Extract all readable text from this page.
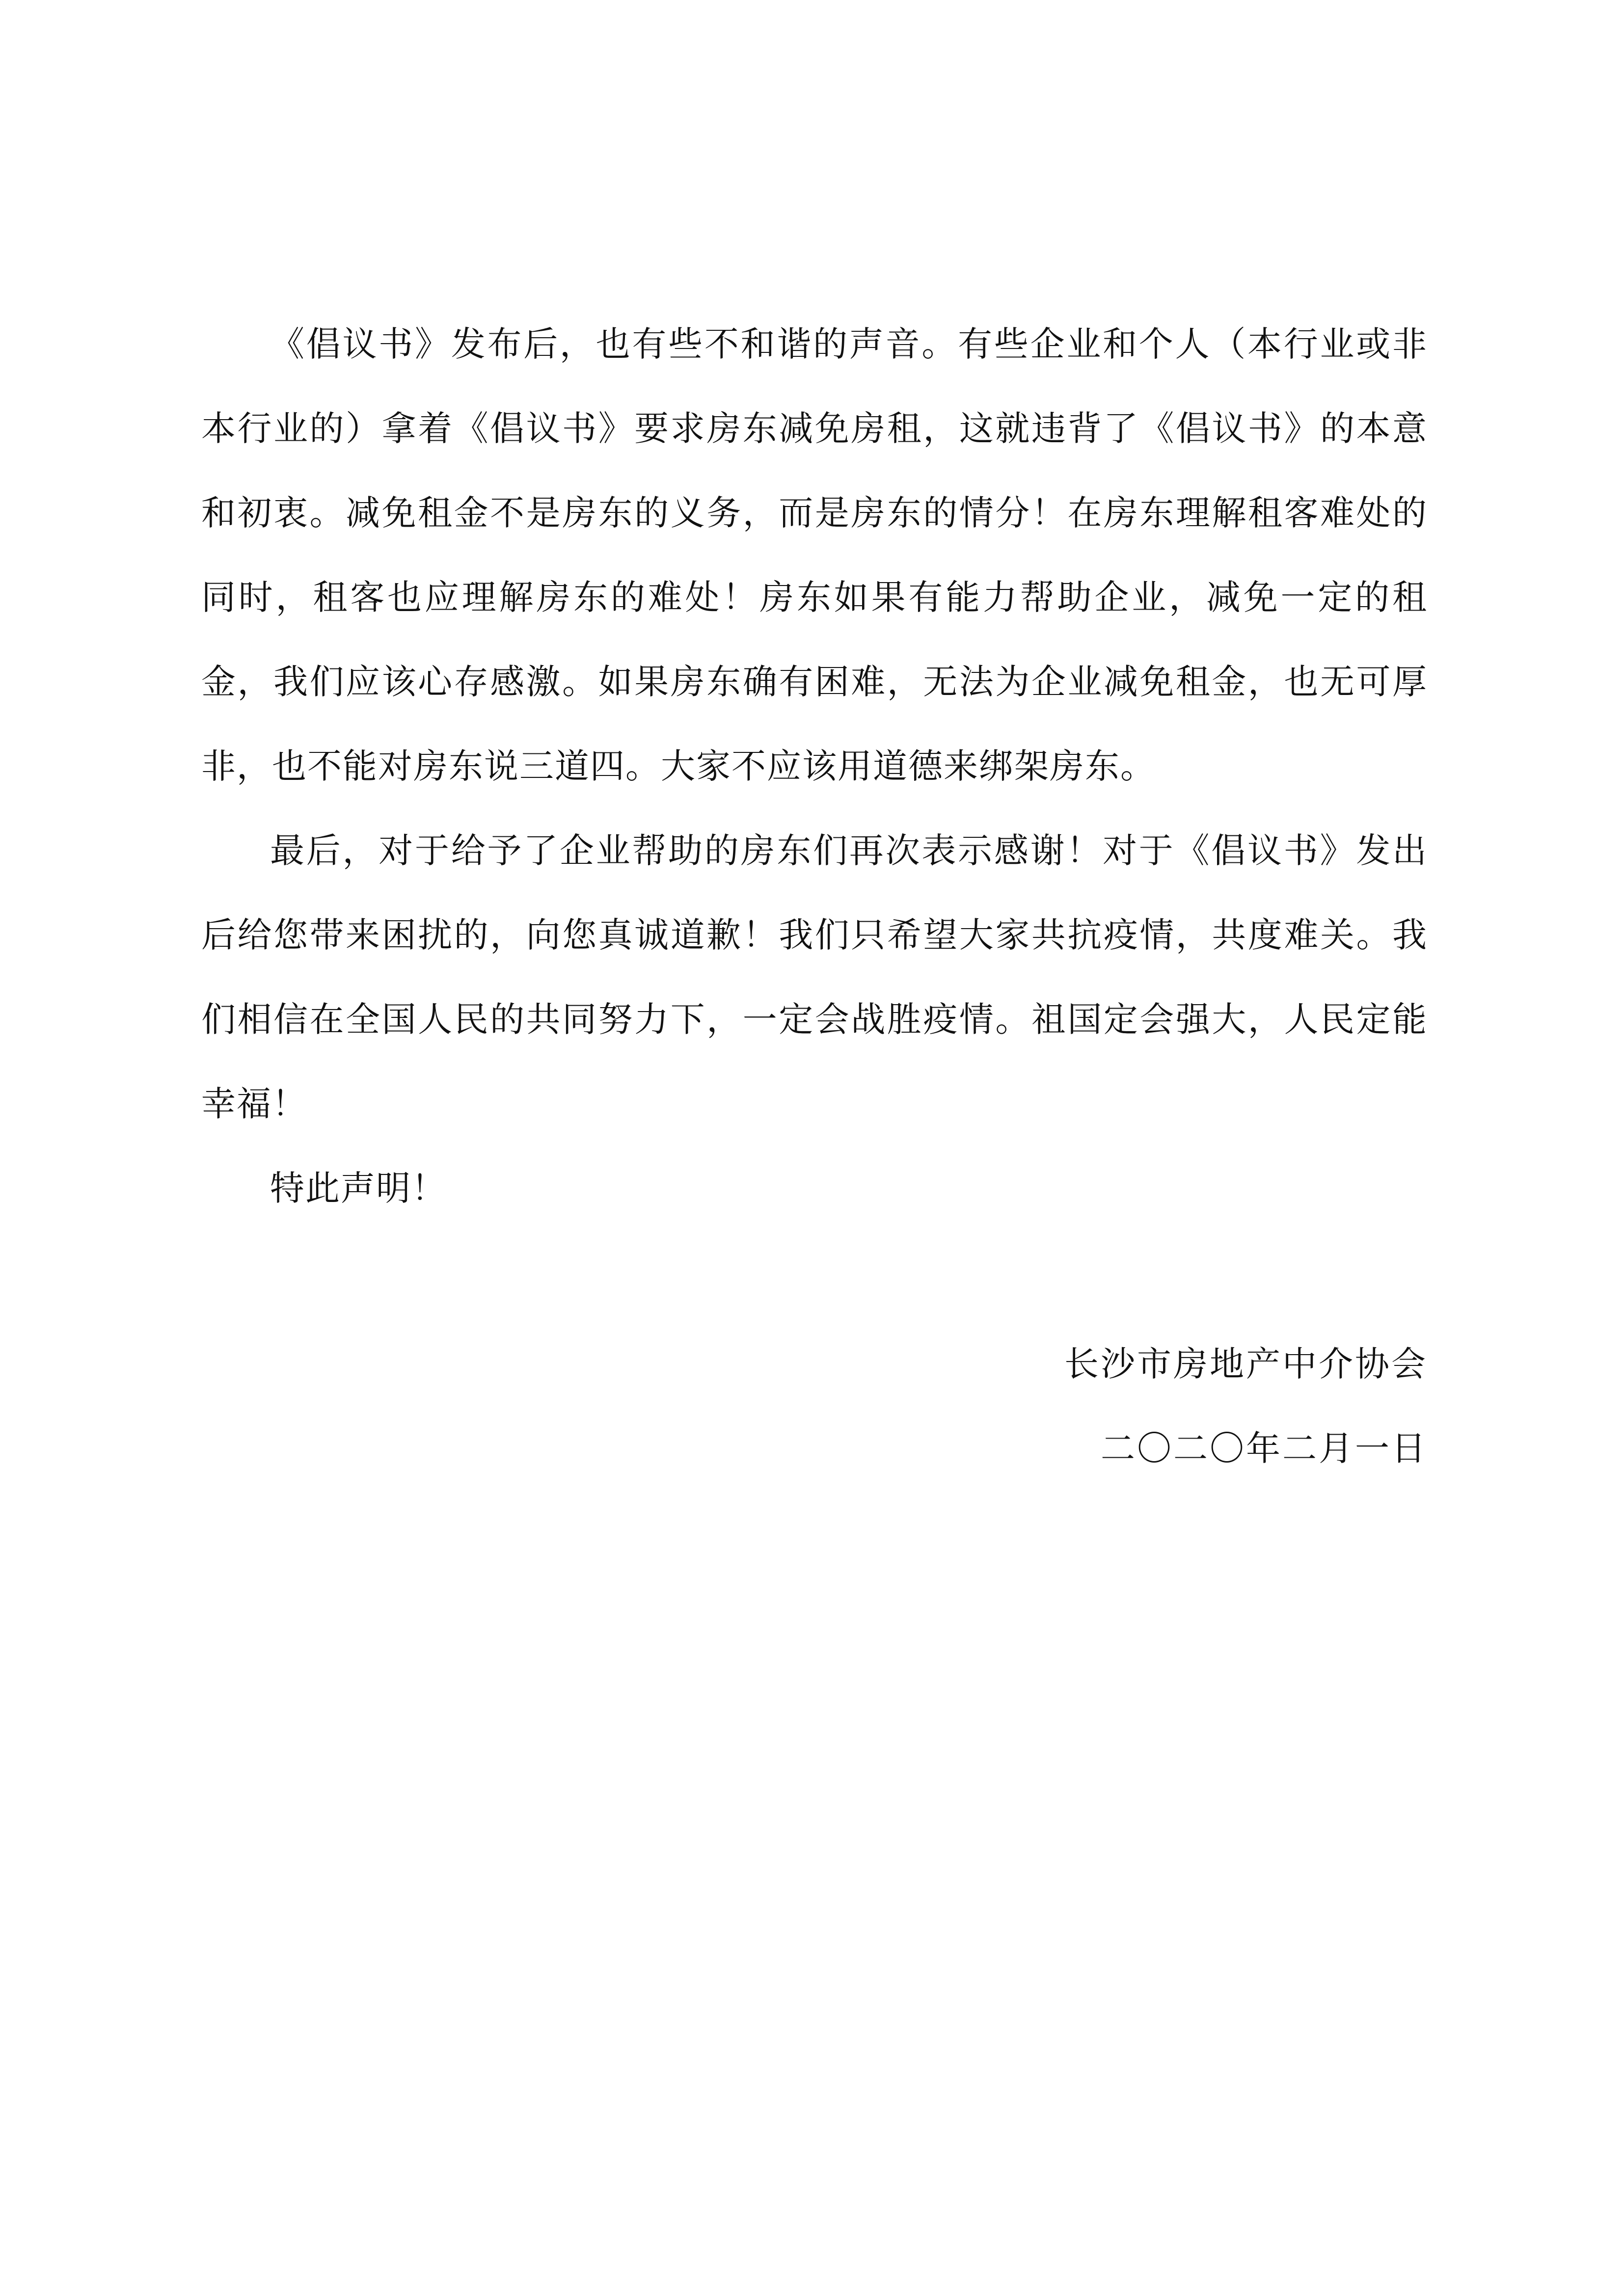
《倡议书》发布后，也有些不和谐的声音。有些企业和个人（本行业或非本行业的）拿着《倡议书》要求房东减免房租，这就违背了《倡议书》的本意和初衷。减免租金不是房东的义务，而是房东的情分！在房东理解租客难处的同时，租客也应理解房东的难处！房东如果有能力帮助企业，减免一定的租金，我们应该心存感激。如果房东确有困难，无法为企业减免租金，也无可厚非，也不能对房东说三道四。大家不应该用道德来绑架房东。

最后，对于给予了企业帮助的房东们再次表示感谢！对于《倡议书》发出后给您带来困扰的，向您真诚道歉！我们只希望大家共抗疫情，共度难关。我们相信在全国人民的共同努力下，一定会战胜疫情。祖国定会强大，人民定能幸福！

特此声明！

长沙市房地产中介协会
二〇二〇年二月一日
